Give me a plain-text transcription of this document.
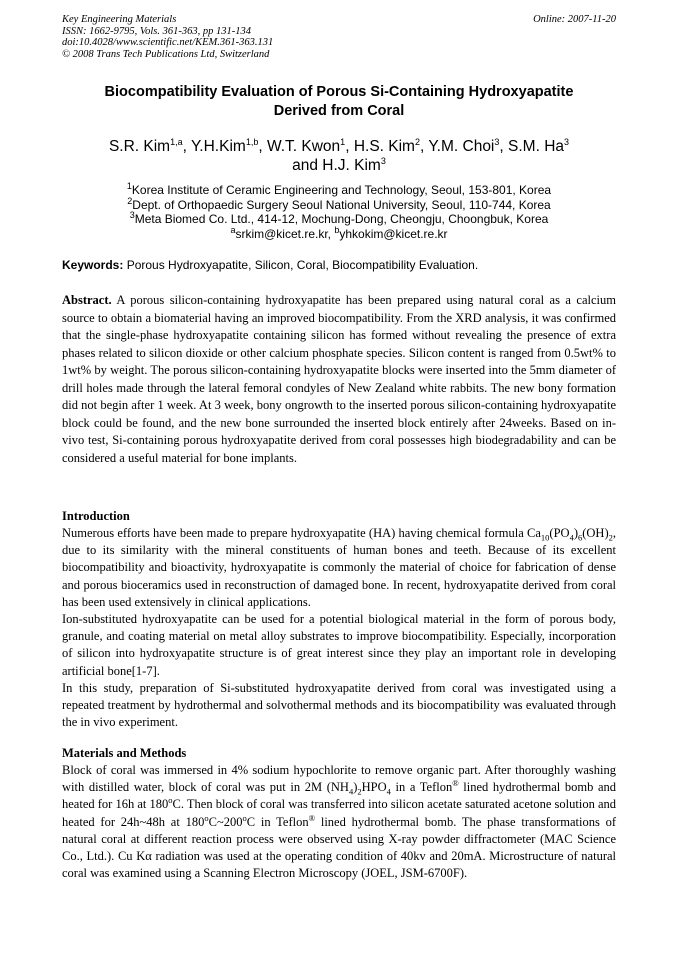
Key Engineering Materials
ISSN: 1662-9795, Vols. 361-363, pp 131-134
doi:10.4028/www.scientific.net/KEM.361-363.131
© 2008 Trans Tech Publications Ltd, Switzerland
Online: 2007-11-20
Biocompatibility Evaluation of Porous Si-Containing Hydroxyapatite
Derived from Coral
S.R. Kim$^{1,a}$, Y.H.Kim$^{1,b}$, W.T. Kwon$^1$, H.S. Kim$^2$, Y.M. Choi$^3$, S.M. Ha$^3$
and H.J. Kim$^3$
$^1$Korea Institute of Ceramic Engineering and Technology, Seoul, 153-801, Korea
$^2$Dept. of Orthopaedic Surgery Seoul National University, Seoul, 110-744, Korea
$^3$Meta Biomed Co. Ltd., 414-12, Mochung-Dong, Cheongju, Choongbuk, Korea
$^a$srkim@kicet.re.kr, $^b$yhkokim@kicet.re.kr
Keywords: Porous Hydroxyapatite, Silicon, Coral, Biocompatibility Evaluation.
Abstract. A porous silicon-containing hydroxyapatite has been prepared using natural coral as a calcium source to obtain a biomaterial having an improved biocompatibility. From the XRD analysis, it was confirmed that the single-phase hydroxyapatite containing silicon has formed without revealing the presence of extra phases related to silicon dioxide or other calcium phosphate species. Silicon content is ranged from 0.5wt% to 1wt% by weight. The porous silicon-containing hydroxyapatite blocks were inserted into the 5mm diameter of drill holes made through the lateral femoral condyles of New Zealand white rabbits. The new bony formation did not begin after 1 week. At 3 week, bony ongrowth to the inserted porous silicon-containing hydroxyapatite block could be found, and the new bone surrounded the inserted block entirely after 24weeks. Based on in-vivo test, Si-containing porous hydroxyapatite derived from coral possesses high biodegradability and can be considered a useful material for bone implants.
Introduction

Numerous efforts have been made to prepare hydroxyapatite (HA) having chemical formula $Ca_{10}(PO_4)_6(OH)_2$, due to its similarity with the mineral constituents of human bones and teeth. Because of its excellent biocompatibility and bioactivity, hydroxyapatite is commonly the material of choice for fabrication of dense and porous bioceramics used in reconstruction of damaged bone. In recent, hydroxyapatite derived from coral has been used extensively in clinical applications.

Ion-substituted hydroxyapatite can be used for a potential biological material in the form of porous body, granule, and coating material on metal alloy substrates to improve biocompatibility. Especially, incorporation of silicon into hydroxyapatite structure is of great interest since they play an important role in developing artificial bone[1-7].

In this study, preparation of Si-substituted hydroxyapatite derived from coral was investigated using a repeated treatment by hydrothermal and solvothermal methods and its biocompatibility was evaluated through the in vivo experiment.

Materials and Methods

Block of coral was immersed in 4% sodium hypochlorite to remove organic part. After thoroughly washing with distilled water, block of coral was put in 2M $(NH_4)_2HPO_4$ in a Teflon® lined hydrothermal bomb and heated for 16h at 180$^o$C. Then block of coral was transferred into silicon acetate saturated acetone solution and heated for 24h~48h at 180$^o$C~200$^o$C in Teflon® lined hydrothermal bomb. The phase transformations of natural coral at different reaction process were observed using X-ray powder diffractometer (MAC Science Co., Ltd.). Cu Kα radiation was used at the operating condition of 40kv and 20mA. Microstructure of natural coral was examined using a Scanning Electron Microscopy (JOEL, JSM-6700F).
